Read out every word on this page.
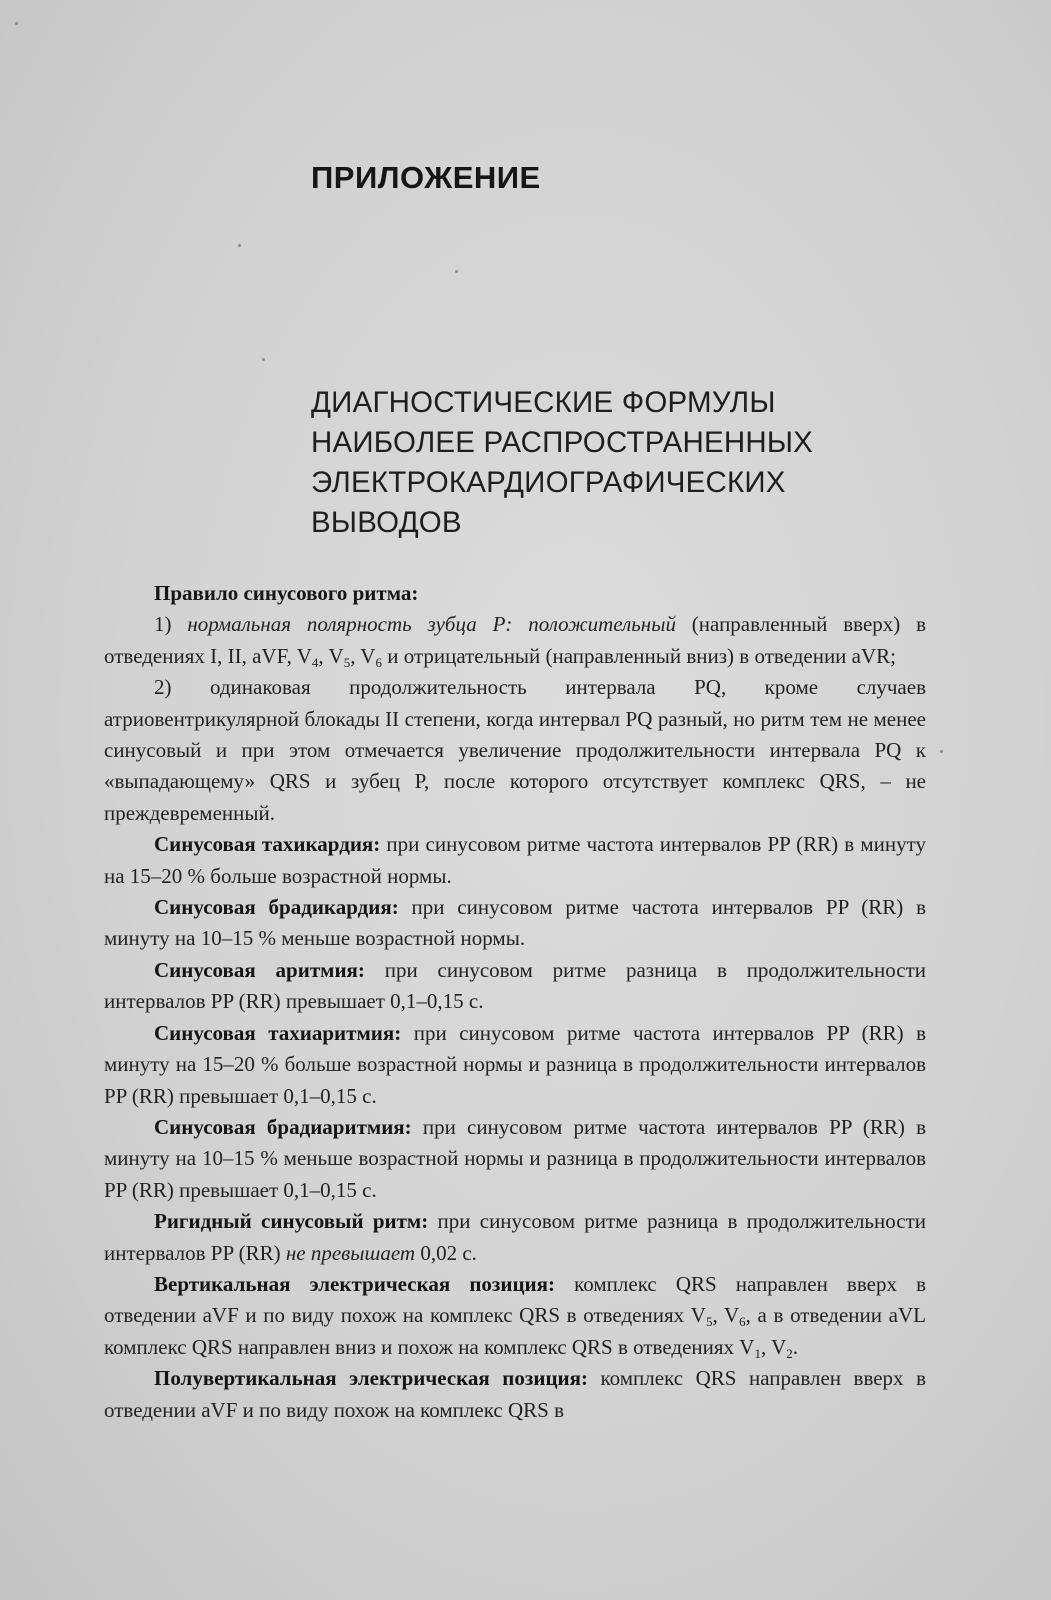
ПРИЛОЖЕНИЕ
ДИАГНОСТИЧЕСКИЕ ФОРМУЛЫ
НАИБОЛЕЕ РАСПРОСТРАНЕННЫХ
ЭЛЕКТРОКАРДИОГРАФИЧЕСКИХ
ВЫВОДОВ

Правило синусового ритма:

1) нормальная полярность зубца P: положительный (направленный вверх) в отведениях I, II, aVF, $V_4$, $V_5$, $V_6$ и отрицательный (направленный вниз) в отведении aVR;

2) одинаковая продолжительность интервала PQ, кроме случаев атриовентрикулярной блокады II степени, когда интервал PQ разный, но ритм тем не менее синусовый и при этом отмечается увеличение продолжительности интервала PQ к «выпадающему» QRS и зубец P, после которого отсутствует комплекс QRS, – не преждевременный.

Синусовая тахикардия: при синусовом ритме частота интервалов PP (RR) в минуту на 15–20 % больше возрастной нормы.

Синусовая брадикардия: при синусовом ритме частота интервалов PP (RR) в минуту на 10–15 % меньше возрастной нормы.

Синусовая аритмия: при синусовом ритме разница в продолжительности интервалов PP (RR) превышает 0,1–0,15 с.

Синусовая тахиаритмия: при синусовом ритме частота интервалов PP (RR) в минуту на 15–20 % больше возрастной нормы и разница в продолжительности интервалов PP (RR) превышает 0,1–0,15 с.

Синусовая брадиаритмия: при синусовом ритме частота интервалов PP (RR) в минуту на 10–15 % меньше возрастной нормы и разница в продолжительности интервалов PP (RR) превышает 0,1–0,15 с.

Ригидный синусовый ритм: при синусовом ритме разница в продолжительности интервалов PP (RR) не превышает 0,02 с.

Вертикальная электрическая позиция: комплекс QRS направлен вверх в отведении aVF и по виду похож на комплекс QRS в отведениях $V_5$, $V_6$, а в отведении aVL комплекс QRS направлен вниз и похож на комплекс QRS в отведениях $V_1$, $V_2$.

Полувертикальная электрическая позиция: комплекс QRS направлен вверх в отведении aVF и по виду похож на комплекс QRS в
